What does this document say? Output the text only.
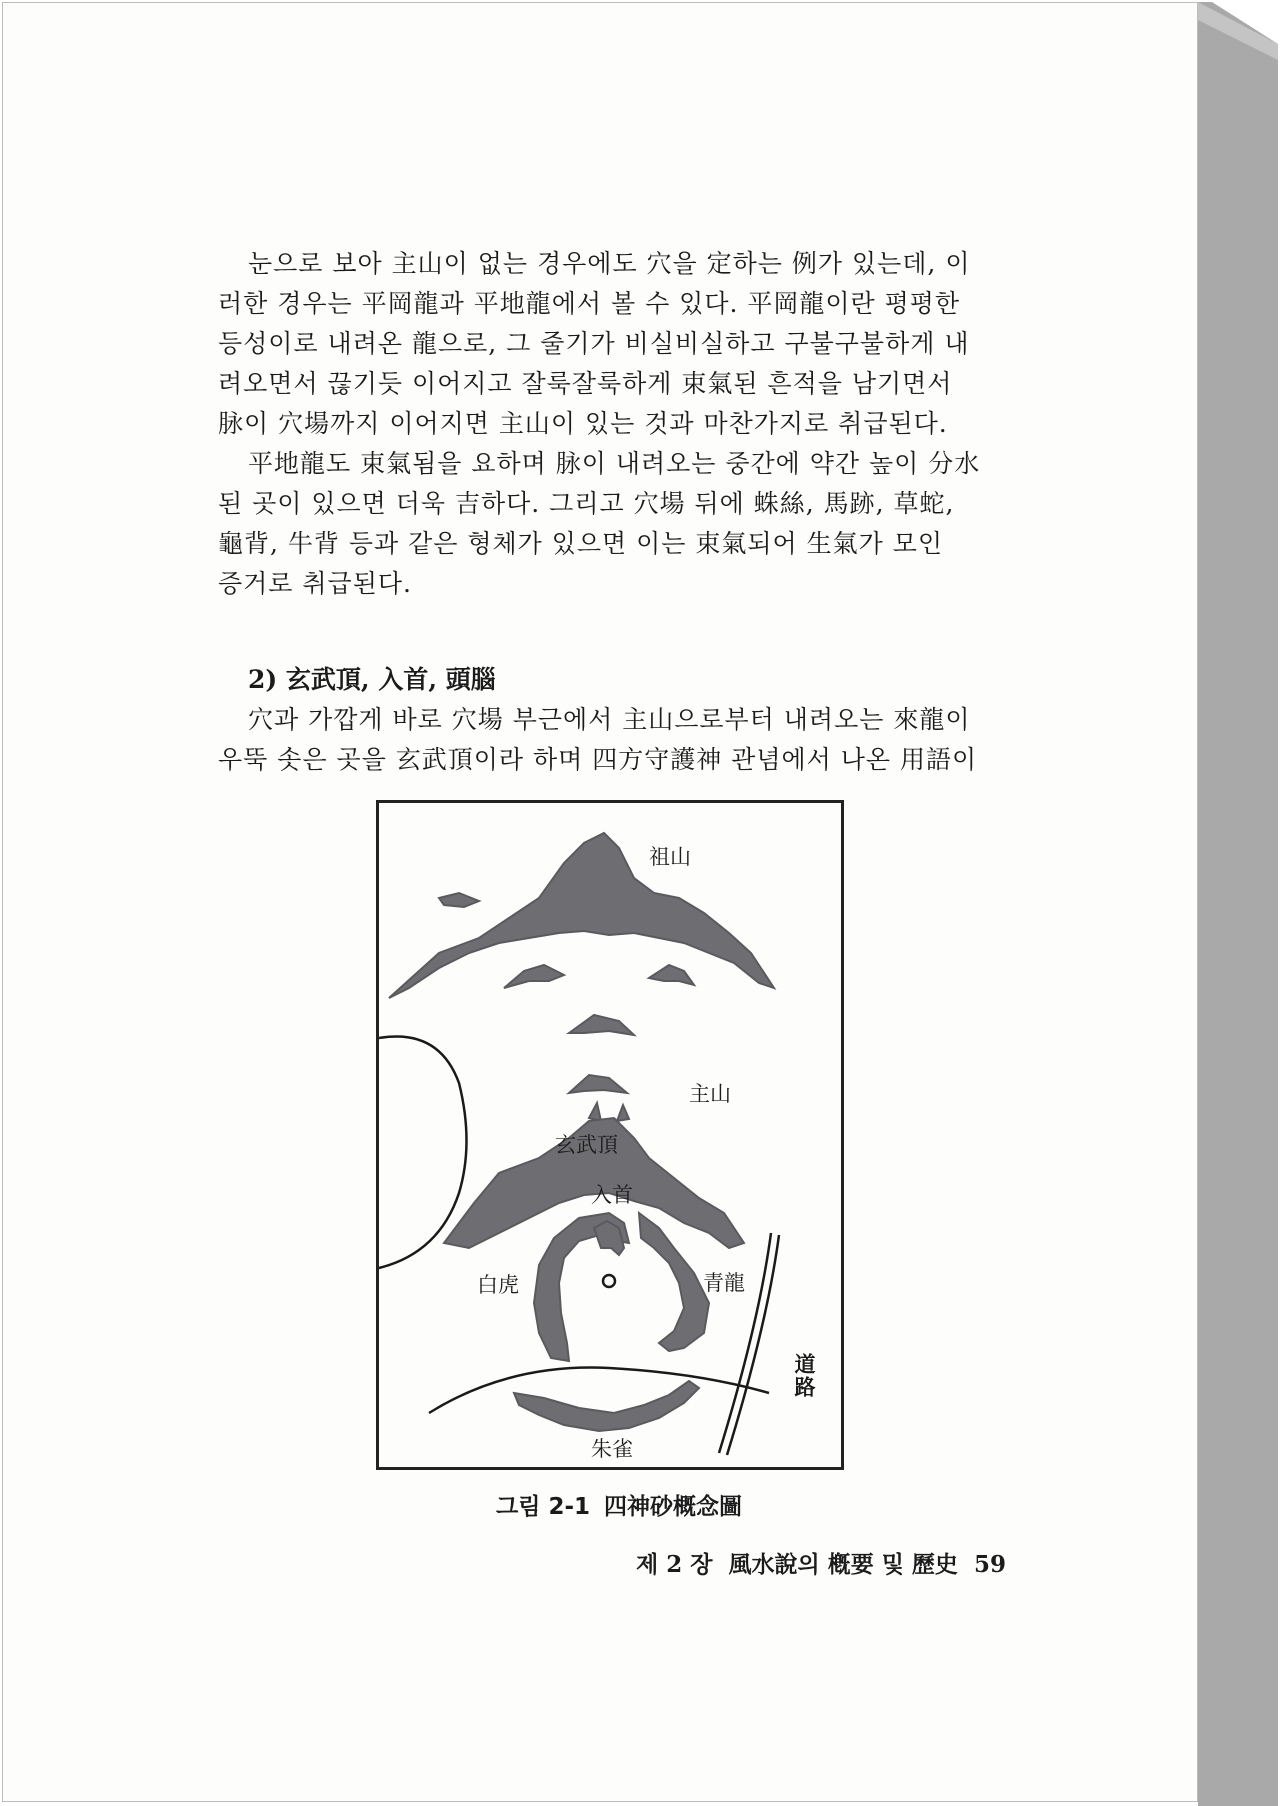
눈으로 보아 主山이 없는 경우에도 穴을 定하는 例가 있는데, 이

러한 경우는 平岡龍과 平地龍에서 볼 수 있다. 平岡龍이란 평평한

등성이로 내려온 龍으로, 그 줄기가 비실비실하고 구불구불하게 내

려오면서 끊기듯 이어지고 잘룩잘룩하게 束氣된 흔적을 남기면서

脉이 穴場까지 이어지면 主山이 있는 것과 마찬가지로 취급된다.

平地龍도 束氣됨을 요하며 脉이 내려오는 중간에 약간 높이 分水

된 곳이 있으면 더욱 吉하다. 그리고 穴場 뒤에 蛛絲, 馬跡, 草蛇,

龜背, 牛背 등과 같은 형체가 있으면 이는 束氣되어 生氣가 모인

증거로 취급된다.

2) 玄武頂, 入首, 頭腦

穴과 가깝게 바로 穴場 부근에서 主山으로부터 내려오는 來龍이

우뚝 솟은 곳을 玄武頂이라 하며 四方守護神 관념에서 나온 用語이

祖山
主山
玄武頂
入首
白虎	青龍
道路
朱雀
그림 2-1 四神砂概念圖
제 2 장 風水說의 槪要 및 歷史 59
